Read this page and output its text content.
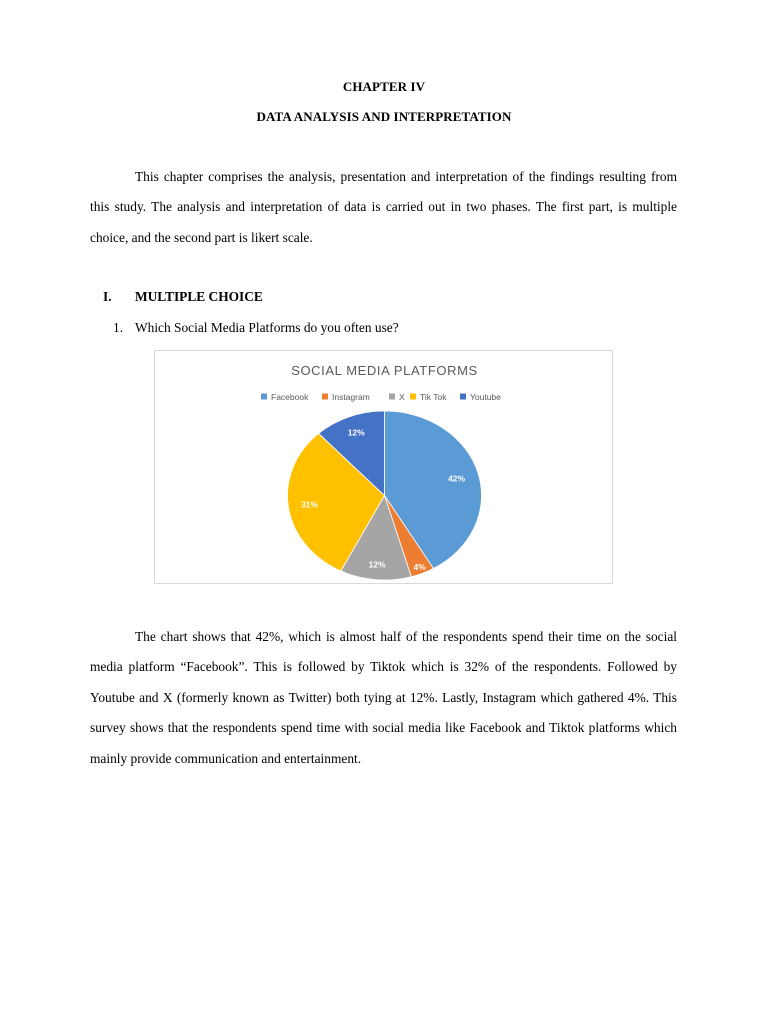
CHAPTER IV
DATA ANALYSIS AND INTERPRETATION

This chapter comprises the analysis, presentation and interpretation of the findings resulting from this study. The analysis and interpretation of data is carried out in two phases. The first part, is multiple choice, and the second part is likert scale.

I. MULTIPLE CHOICE
1. Which Social Media Platforms do you often use?
SOCIAL MEDIA PLATFORMS
Facebook	Instagram	X Tik Tok	Youtube
42%
4%
12%
31%
12%

The chart shows that 42%, which is almost half of the respondents spend their time on the social media platform “Facebook”. This is followed by Tiktok which is 32% of the respondents. Followed by Youtube and X (formerly known as Twitter) both tying at 12%. Lastly, Instagram which gathered 4%. This survey shows that the respondents spend time with social media like Facebook and Tiktok platforms which mainly provide communication and entertainment.
